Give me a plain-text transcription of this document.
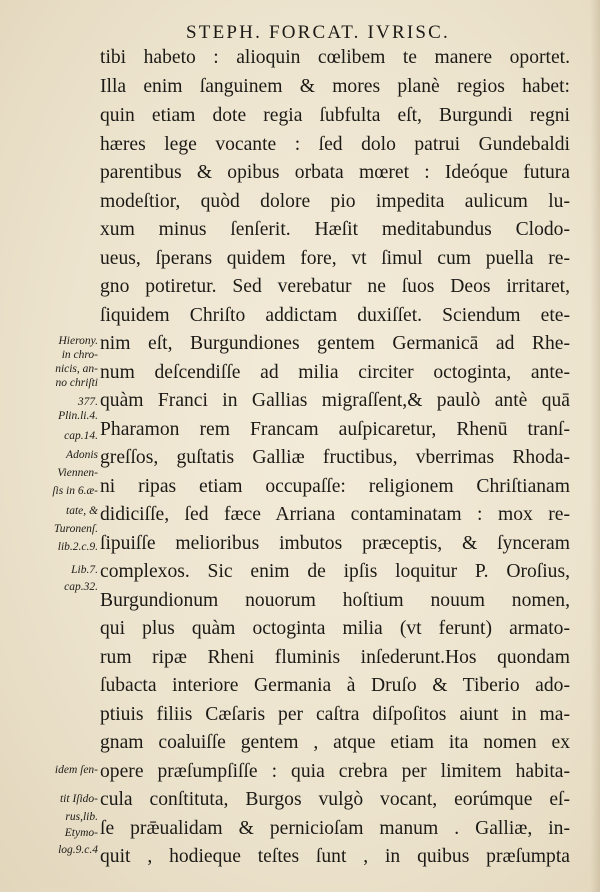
STEPH. FORCAT. IVRISC.
tibi habeto : alioquin cœlibem te manere oportet.
Illa enim ſanguinem & mores planè regios habet:
quin etiam dote regia ſubfulta eſt, Burgundi regni
hæres lege vocante : ſed dolo patrui Gundebaldi
parentibus & opibus orbata mœret : Ideóque futura
modeſtior, quòd dolore pio impedita aulicum lu-
xum minus ſenſerit. Hæſit meditabundus Clodo-
ueus, ſperans quidem fore, vt ſimul cum puella re-
gno potiretur. Sed verebatur ne ſuos Deos irritaret,
ſiquidem Chriſto addictam duxiſſet. Sciendum ete-
nim eſt, Burgundiones gentem Germanicā ad Rhe-
num deſcendiſſe ad milia circiter octoginta, ante-
quàm Franci in Gallias migraſſent,& paulò antè quā
Pharamon rem Francam auſpicaretur, Rhenū tranſ-
greſſos, guſtatis Galliæ fructibus, vberrimas Rhoda-
ni ripas etiam occupaſſe: religionem Chriſtianam
didiciſſe, ſed fæce Arriana contaminatam : mox re-
ſipuiſſe melioribus imbutos præceptis, & ſynceram
complexos. Sic enim de ipſis loquitur P. Oroſius,
Burgundionum nouorum hoſtium nouum nomen,
qui plus quàm octoginta milia (vt ferunt) armato-
rum ripæ Rheni fluminis inſederunt.Hos quondam
ſubacta interiore Germania à Druſo & Tiberio ado-
ptiuis filiis Cæſaris per caſtra diſpoſitos aiunt in ma-
gnam coaluiſſe gentem , atque etiam ita nomen ex
opere præſumpſiſſe : quia crebra per limitem habita-
cula conſtituta, Burgos vulgò vocant, eorúmque eſ-
ſe prǣualidam & pernicioſam manum . Galliæ, in-
quit , hodieque teſtes ſunt , in quibus præſumpta
Hierony.
in chro-
nicis, an-
no chriſti
377.
Plin.li.4.
cap.14.
Adonis
Viennen-
ſis in 6.æ-
tate, &
Turonenſ.
lib.2.c.9.
Lib.7.
cap.32.
idem ſen-
tit Iſido-
rus,lib.
Etymo-
log.9.c.4
